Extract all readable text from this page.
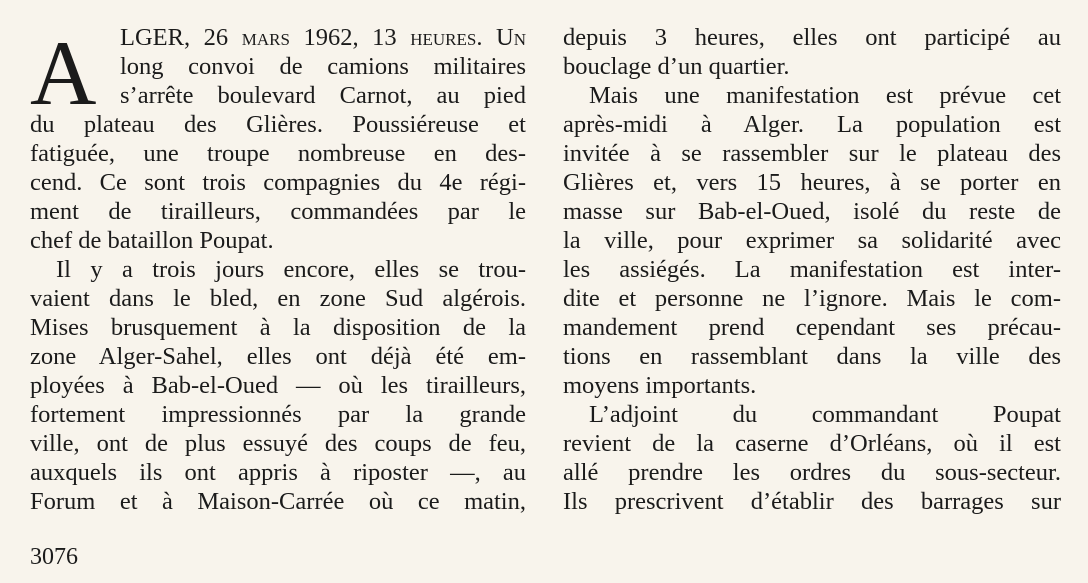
A	LGER, 26 mars 1962, 13 heures. Un
long convoi de camions militaires
s’arrête boulevard Carnot, au pied
du plateau des Glières. Poussiéreuse et
fatiguée, une troupe nombreuse en des-
cend. Ce sont trois compagnies du 4e régi-
ment de tirailleurs, commandées par le
chef de bataillon Poupat.
Il y a trois jours encore, elles se trou-
vaient dans le bled, en zone Sud algérois.
Mises brusquement à la disposition de la
zone Alger-Sahel, elles ont déjà été em-
ployées à Bab-el-Oued — où les tirailleurs,
fortement impressionnés par la grande
ville, ont de plus essuyé des coups de feu,
auxquels ils ont appris à riposter —, au
Forum et à Maison-Carrée où ce matin,
depuis 3 heures, elles ont participé au
bouclage d’un quartier.
Mais une manifestation est prévue cet
après-midi à Alger. La population est
invitée à se rassembler sur le plateau des
Glières et, vers 15 heures, à se porter en
masse sur Bab-el-Oued, isolé du reste de
la ville, pour exprimer sa solidarité avec
les assiégés. La manifestation est inter-
dite et personne ne l’ignore. Mais le com-
mandement prend cependant ses précau-
tions en rassemblant dans la ville des
moyens importants.
L’adjoint du commandant Poupat
revient de la caserne d’Orléans, où il est
allé prendre les ordres du sous-secteur.
Ils prescrivent d’établir des barrages sur
3076
